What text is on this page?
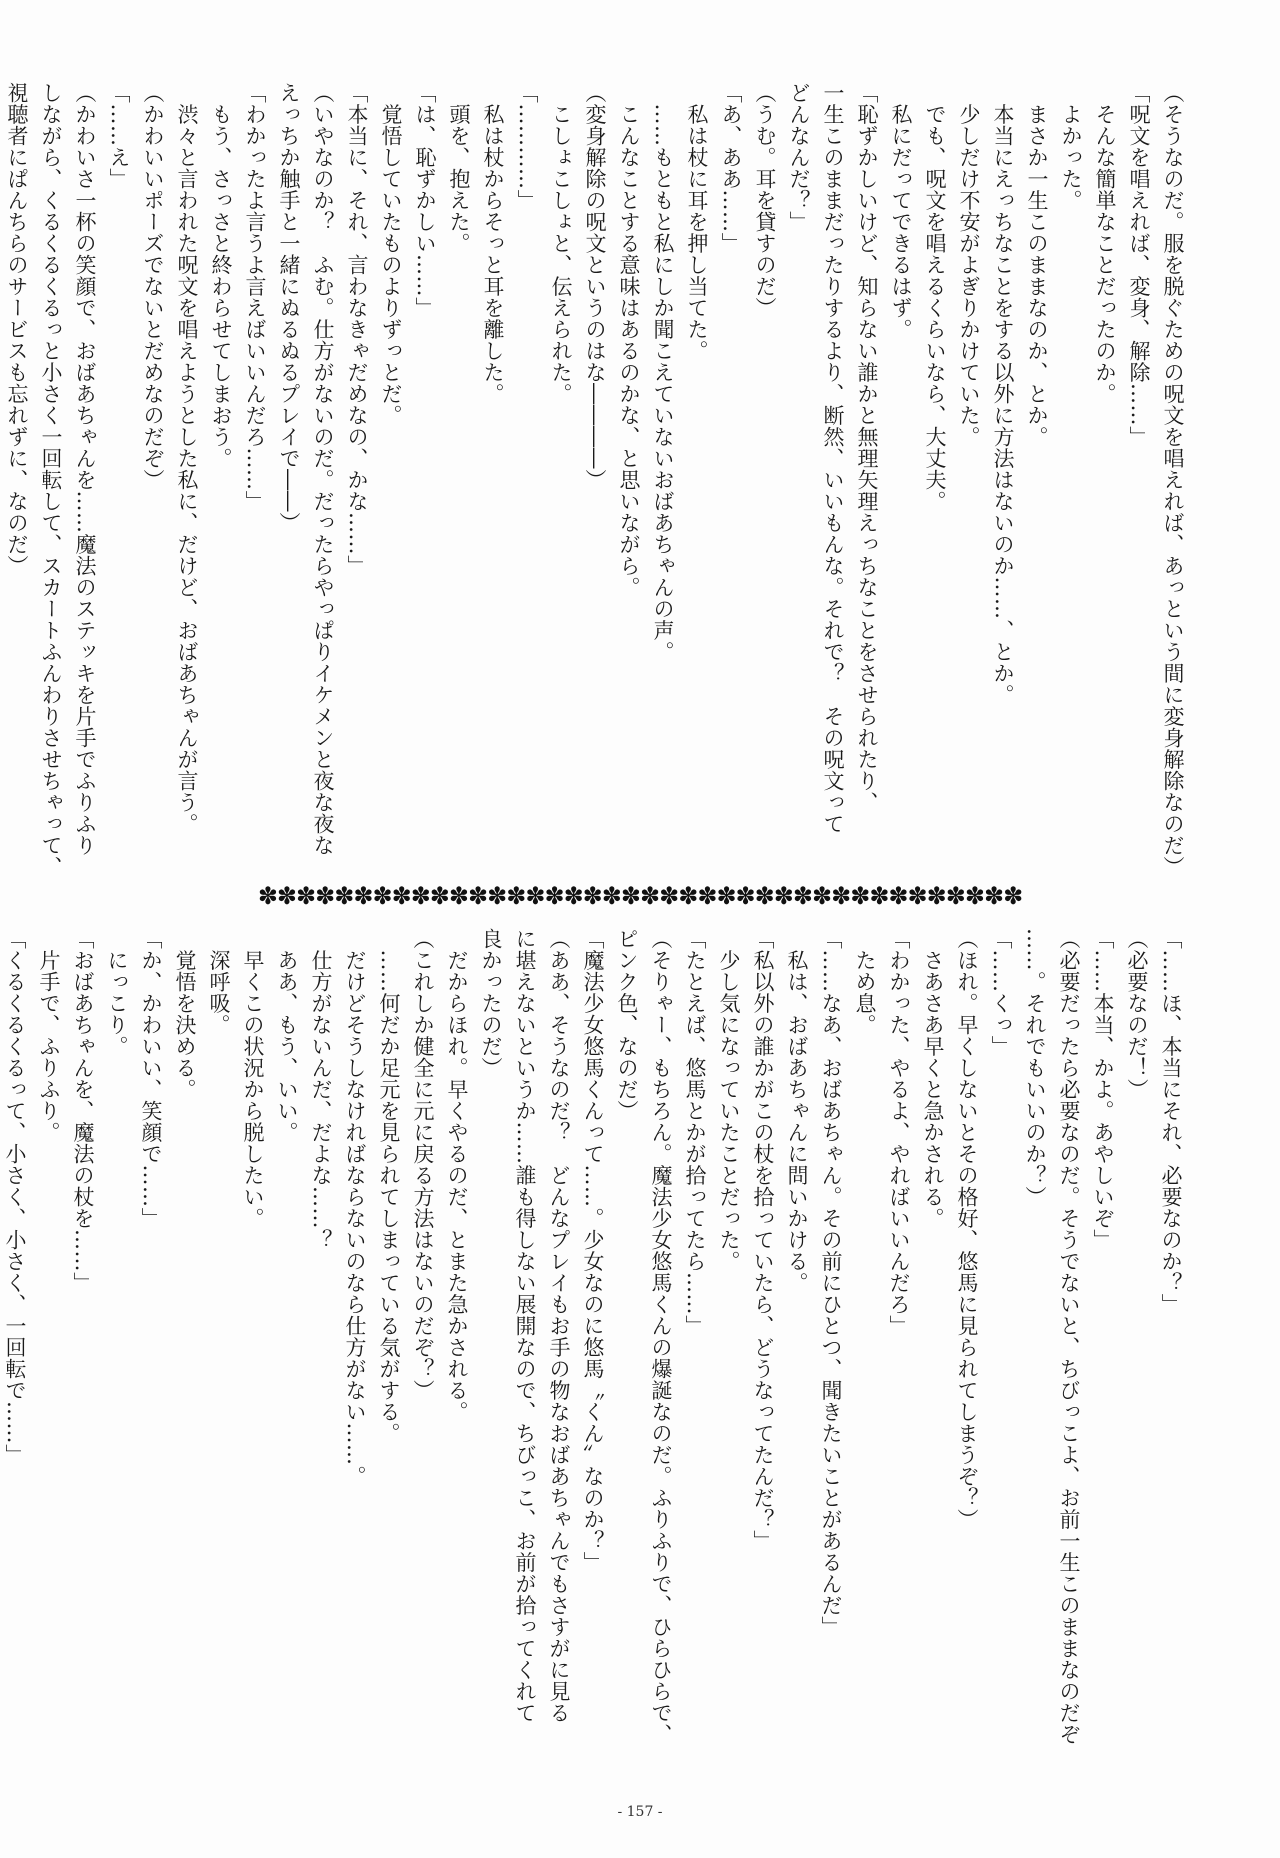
（そうなのだ。服を脱ぐための呪文を唱えれば、あっという間に変身解除なのだ）
「呪文を唱えれば、変身、解除……」
　そんな簡単なことだったのか。
　よかった。
　まさか一生このままなのか、とか。
　本当にえっちなことをする以外に方法はないのか……、とか。
　少しだけ不安がよぎりかけていた。
　でも、呪文を唱えるくらいなら、大丈夫。
　私にだってできるはず。
「恥ずかしいけど、知らない誰かと無理矢理えっちなことをさせられたり、
一生このままだったりするより、断然、いいもんな。それで？　その呪文って
どんなんだ？」
（うむ。耳を貸すのだ）
「あ、ああ……」
　私は杖に耳を押し当てた。
　……もともと私にしか聞こえていないおばあちゃんの声。
　こんなことする意味はあるのかな、と思いながら。
（変身解除の呪文というのはな――――）
　こしょこしょと、伝えられた。
「…………」
　私は杖からそっと耳を離した。
　頭を、抱えた。
「は、恥ずかしい……」
　覚悟していたものよりずっとだ。
「本当に、それ、言わなきゃだめなの、かな……」
（いやなのか？　ふむ。仕方がないのだ。だったらやっぱりイケメンと夜な夜な
えっちか触手と一緒にぬるぬるプレイで――）
「わかったよ言うよ言えばいいんだろ……」
　もう、さっさと終わらせてしまおう。
　渋々と言われた呪文を唱えようとした私に、だけど、おばあちゃんが言う。
（かわいいポーズでないとだめなのだぞ）
「……え」
（かわいさ一杯の笑顔で、おばあちゃんを……魔法のステッキを片手でふりふり
しながら、くるくるくるっと小さく一回転して、スカートふんわりさせちゃって、
視聴者にぱんちらのサービスも忘れずに、なのだ）
✽✽✽✽✽✽✽✽✽✽✽✽✽✽✽✽✽✽✽✽✽✽✽✽✽✽✽✽✽✽✽✽✽✽✽✽✽✽✽✽
「……ほ、本当にそれ、必要なのか？」
（必要なのだ！）
「……本当、かよ。あやしいぞ」
（必要だったら必要なのだ。そうでないと、ちびっこよ、お前一生このままなのだぞ
……。それでもいいのか？）
「……くっ」
（ほれ。早くしないとその格好、悠馬に見られてしまうぞ？）
　さあさあ早くと急かされる。
「わかった、やるよ、やればいいんだろ」
　ため息。
「……なあ、おばあちゃん。その前にひとつ、聞きたいことがあるんだ」
　私は、おばあちゃんに問いかける。
「私以外の誰かがこの杖を拾っていたら、どうなってたんだ？」
　少し気になっていたことだった。
「たとえば、悠馬とかが拾ってたら……」
（そりゃー、もちろん。魔法少女悠馬くんの爆誕なのだ。ふりふりで、ひらひらで、
ピンク色、なのだ）
「魔法少女悠馬くんって……。少女なのに悠馬〝くん〟なのか？」
（ああ、そうなのだ？　どんなプレイもお手の物なおばあちゃんでもさすがに見る
に堪えないというか……誰も得しない展開なので、ちびっこ、お前が拾ってくれて
良かったのだ）
　だからほれ。早くやるのだ、とまた急かされる。
（これしか健全に元に戻る方法はないのだぞ？）
　……何だか足元を見られてしまっている気がする。
　だけどそうしなければならないのなら仕方がない……。
　仕方がないんだ、だよな……？
　ああ、もう、いい。
　早くこの状況から脱したい。
　深呼吸。
　覚悟を決める。
「か、かわいい、笑顔で……」
　にっこり。
「おばあちゃんを、魔法の杖を……」
　片手で、ふりふり。
「くるくるくるって、小さく、小さく、一回転で……」
- 157 -
